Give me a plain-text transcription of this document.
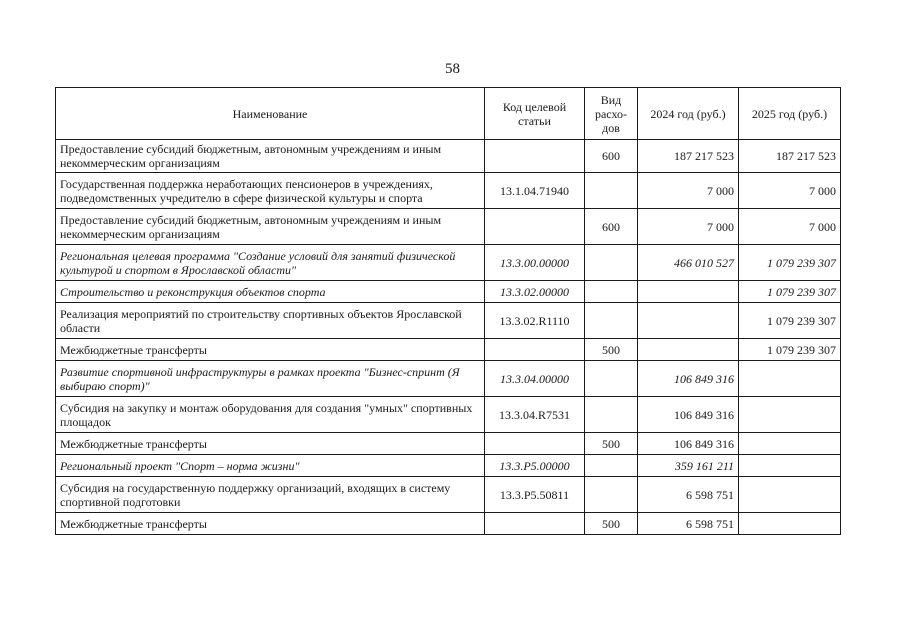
58
Наименование	Код целевой статьи	Вид расхо-дов	2024 год (руб.)	2025 год (руб.)
Предоставление субсидий бюджетным, автономным учреждениям и иным некоммерческим организациям		600	187 217 523	187 217 523
Государственная поддержка неработающих пенсионеров в учреждениях, подведомственных учредителю в сфере физической культуры и спорта	13.1.04.71940		7 000	7 000
Предоставление субсидий бюджетным, автономным учреждениям и иным некоммерческим организациям		600	7 000	7 000
Региональная целевая программа "Создание условий для занятий физической культурой и спортом в Ярославской области"	13.3.00.00000		466 010 527	1 079 239 307
Строительство и реконструкция объектов спорта	13.3.02.00000			1 079 239 307
Реализация мероприятий по строительству спортивных объектов Ярославской области	13.3.02.R1110			1 079 239 307
Межбюджетные трансферты		500		1 079 239 307
Развитие спортивной инфраструктуры в рамках проекта "Бизнес-спринт (Я выбираю спорт)"	13.3.04.00000		106 849 316	
Субсидия на закупку и монтаж оборудования для создания "умных" спортивных площадок	13.3.04.R7531		106 849 316	
Межбюджетные трансферты		500	106 849 316	
Региональный проект "Спорт – норма жизни"	13.3.Р5.00000		359 161 211	
Субсидия на государственную поддержку организаций, входящих в систему спортивной подготовки	13.3.Р5.50811		6 598 751	
Межбюджетные трансферты		500	6 598 751	
